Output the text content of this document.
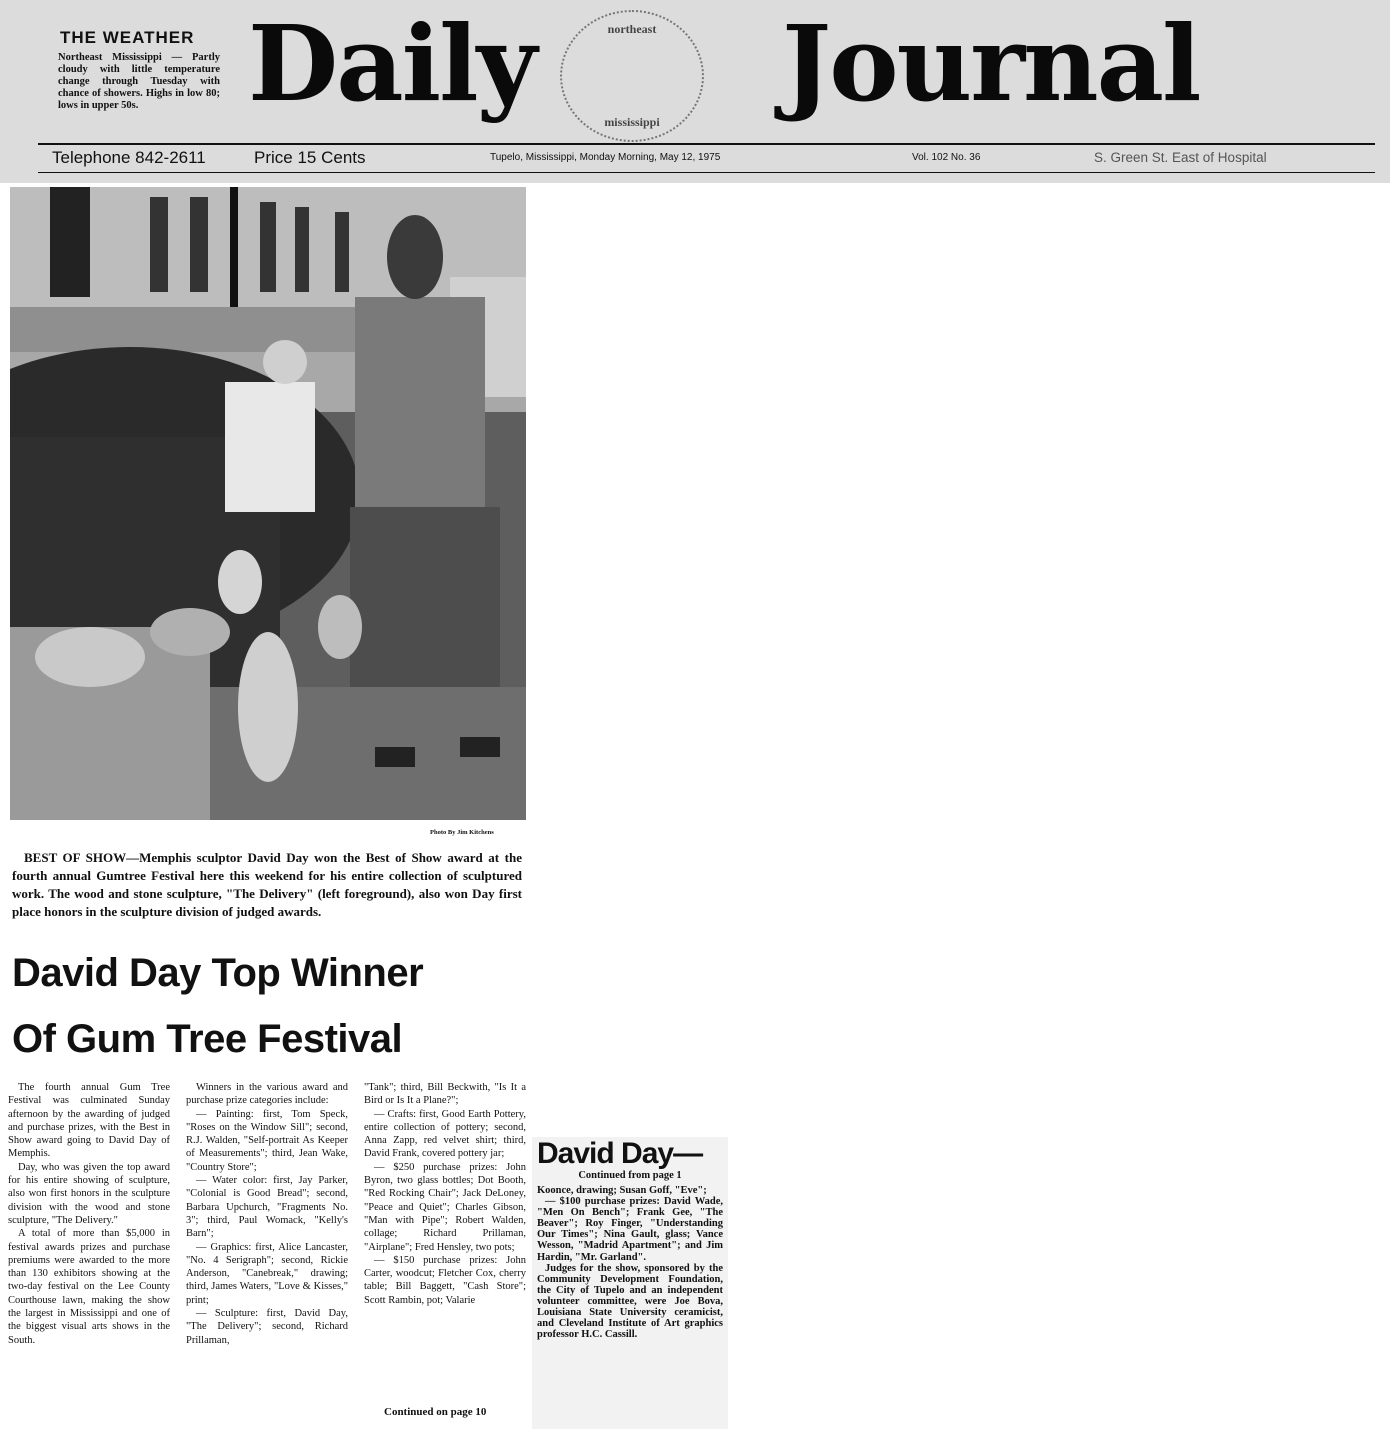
THE WEATHER
Northeast Mississippi — Partly cloudy with little temperature change through Tuesday with chance of showers. Highs in low 80; lows in upper 50s.	Daily	northeast
mississippi	Journal
Telephone 842-2611	Price 15 Cents	Tupelo, Mississippi, Monday Morning, May 12, 1975	Vol. 102 No. 36	S. Green St. East of Hospital
Photo By Jim Kitchens
BEST OF SHOW—Memphis sculptor David Day won the Best of Show award at the fourth annual Gumtree Festival here this weekend for his entire collection of sculptured work. The wood and stone sculpture, "The Delivery" (left foreground), also won Day first place honors in the sculpture division of judged awards.
David Day Top Winner
Of Gum Tree Festival

The fourth annual Gum Tree Festival was culminated Sunday afternoon by the awarding of judged and purchase prizes, with the Best in Show award going to David Day of Memphis.

Day, who was given the top award for his entire showing of sculpture, also won first honors in the sculpture division with the wood and stone sculpture, "The Delivery."

A total of more than $5,000 in festival awards prizes and purchase premiums were awarded to the more than 130 exhibitors showing at the two-day festival on the Lee County Courthouse lawn, making the show the largest in Mississippi and one of the biggest visual arts shows in the South.

Winners in the various award and purchase prize categories include:

— Painting: first, Tom Speck, "Roses on the Window Sill"; second, R.J. Walden, "Self-portrait As Keeper of Measurements"; third, Jean Wake, "Country Store";

— Water color: first, Jay Parker, "Colonial is Good Bread"; second, Barbara Upchurch, "Fragments No. 3"; third, Paul Womack, "Kelly's Barn";

— Graphics: first, Alice Lancaster, "No. 4 Serigraph"; second, Rickie Anderson, "Canebreak," drawing; third, James Waters, "Love & Kisses," print;

— Sculpture: first, David Day, "The Delivery"; second, Richard Prillaman,

"Tank"; third, Bill Beckwith, "Is It a Bird or Is It a Plane?";

— Crafts: first, Good Earth Pottery, entire collection of pottery; second, Anna Zapp, red velvet shirt; third, David Frank, covered pottery jar;

— $250 purchase prizes: John Byron, two glass bottles; Dot Booth, "Red Rocking Chair"; Jack DeLoney, "Peace and Quiet"; Charles Gibson, "Man with Pipe"; Robert Walden, collage; Richard Prillaman, "Airplane"; Fred Hensley, two pots;

— $150 purchase prizes: John Carter, woodcut; Fletcher Cox, cherry table; Bill Baggett, "Cash Store"; Scott Rambin, pot; Valarie

Continued on page 10
David Day—
Continued from page 1

Koonce, drawing; Susan Goff, "Eve";

— $100 purchase prizes: David Wade, "Men On Bench"; Frank Gee, "The Beaver"; Roy Finger, "Understanding Our Times"; Nina Gault, glass; Vance Wesson, "Madrid Apartment"; and Jim Hardin, "Mr. Garland".

Judges for the show, sponsored by the Community Development Foundation, the City of Tupelo and an independent volunteer committee, were Joe Bova, Louisiana State University ceramicist, and Cleveland Institute of Art graphics professor H.C. Cassill.
